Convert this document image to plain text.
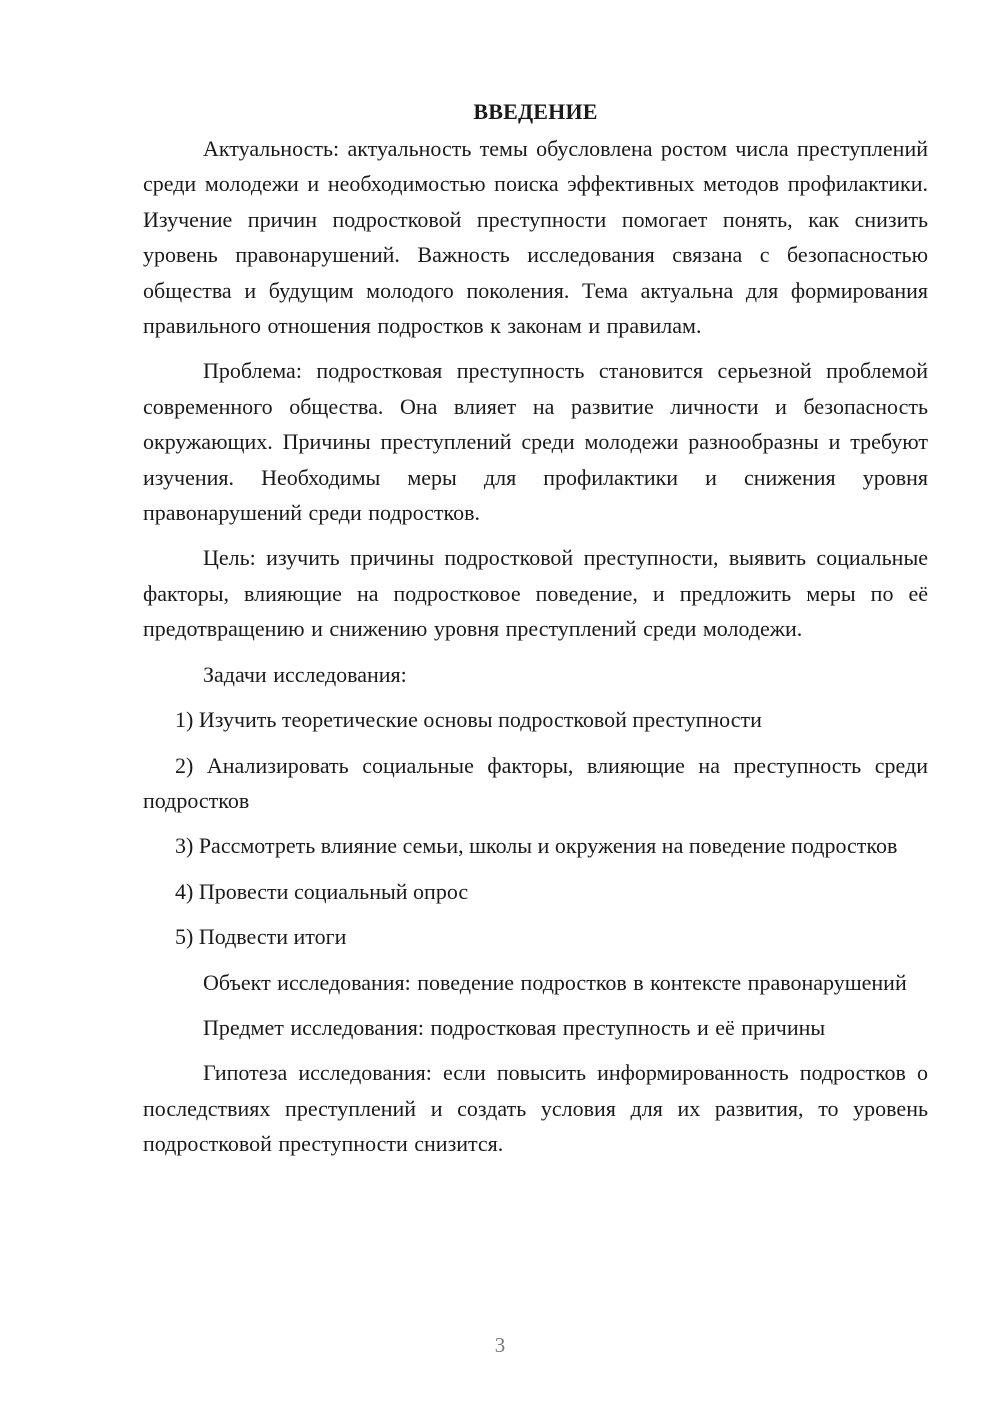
ВВЕДЕНИЕ

Актуальность: актуальность темы обусловлена ростом числа преступлений среди молодежи и необходимостью поиска эффективных методов профилактики. Изучение причин подростковой преступности помогает понять, как снизить уровень правонарушений. Важность исследования связана с безопасностью общества и будущим молодого поколения. Тема актуальна для формирования правильного отношения подростков к законам и правилам.

Проблема: подростковая преступность становится серьезной проблемой современного общества. Она влияет на развитие личности и безопасность окружающих. Причины преступлений среди молодежи разнообразны и требуют изучения. Необходимы меры для профилактики и снижения уровня правонарушений среди подростков.

Цель: изучить причины подростковой преступности, выявить социальные факторы, влияющие на подростковое поведение, и предложить меры по её предотвращению и снижению уровня преступлений среди молодежи.

Задачи исследования:

1) Изучить теоретические основы подростковой преступности

2) Анализировать социальные факторы, влияющие на преступность среди подростков

3) Рассмотреть влияние семьи, школы и окружения на поведение подростков

4) Провести социальный опрос

5) Подвести итоги

Объект исследования: поведение подростков в контексте правонарушений

Предмет исследования: подростковая преступность и её причины

Гипотеза исследования: если повысить информированность подростков о последствиях преступлений и создать условия для их развития, то уровень подростковой преступности снизится.

3
